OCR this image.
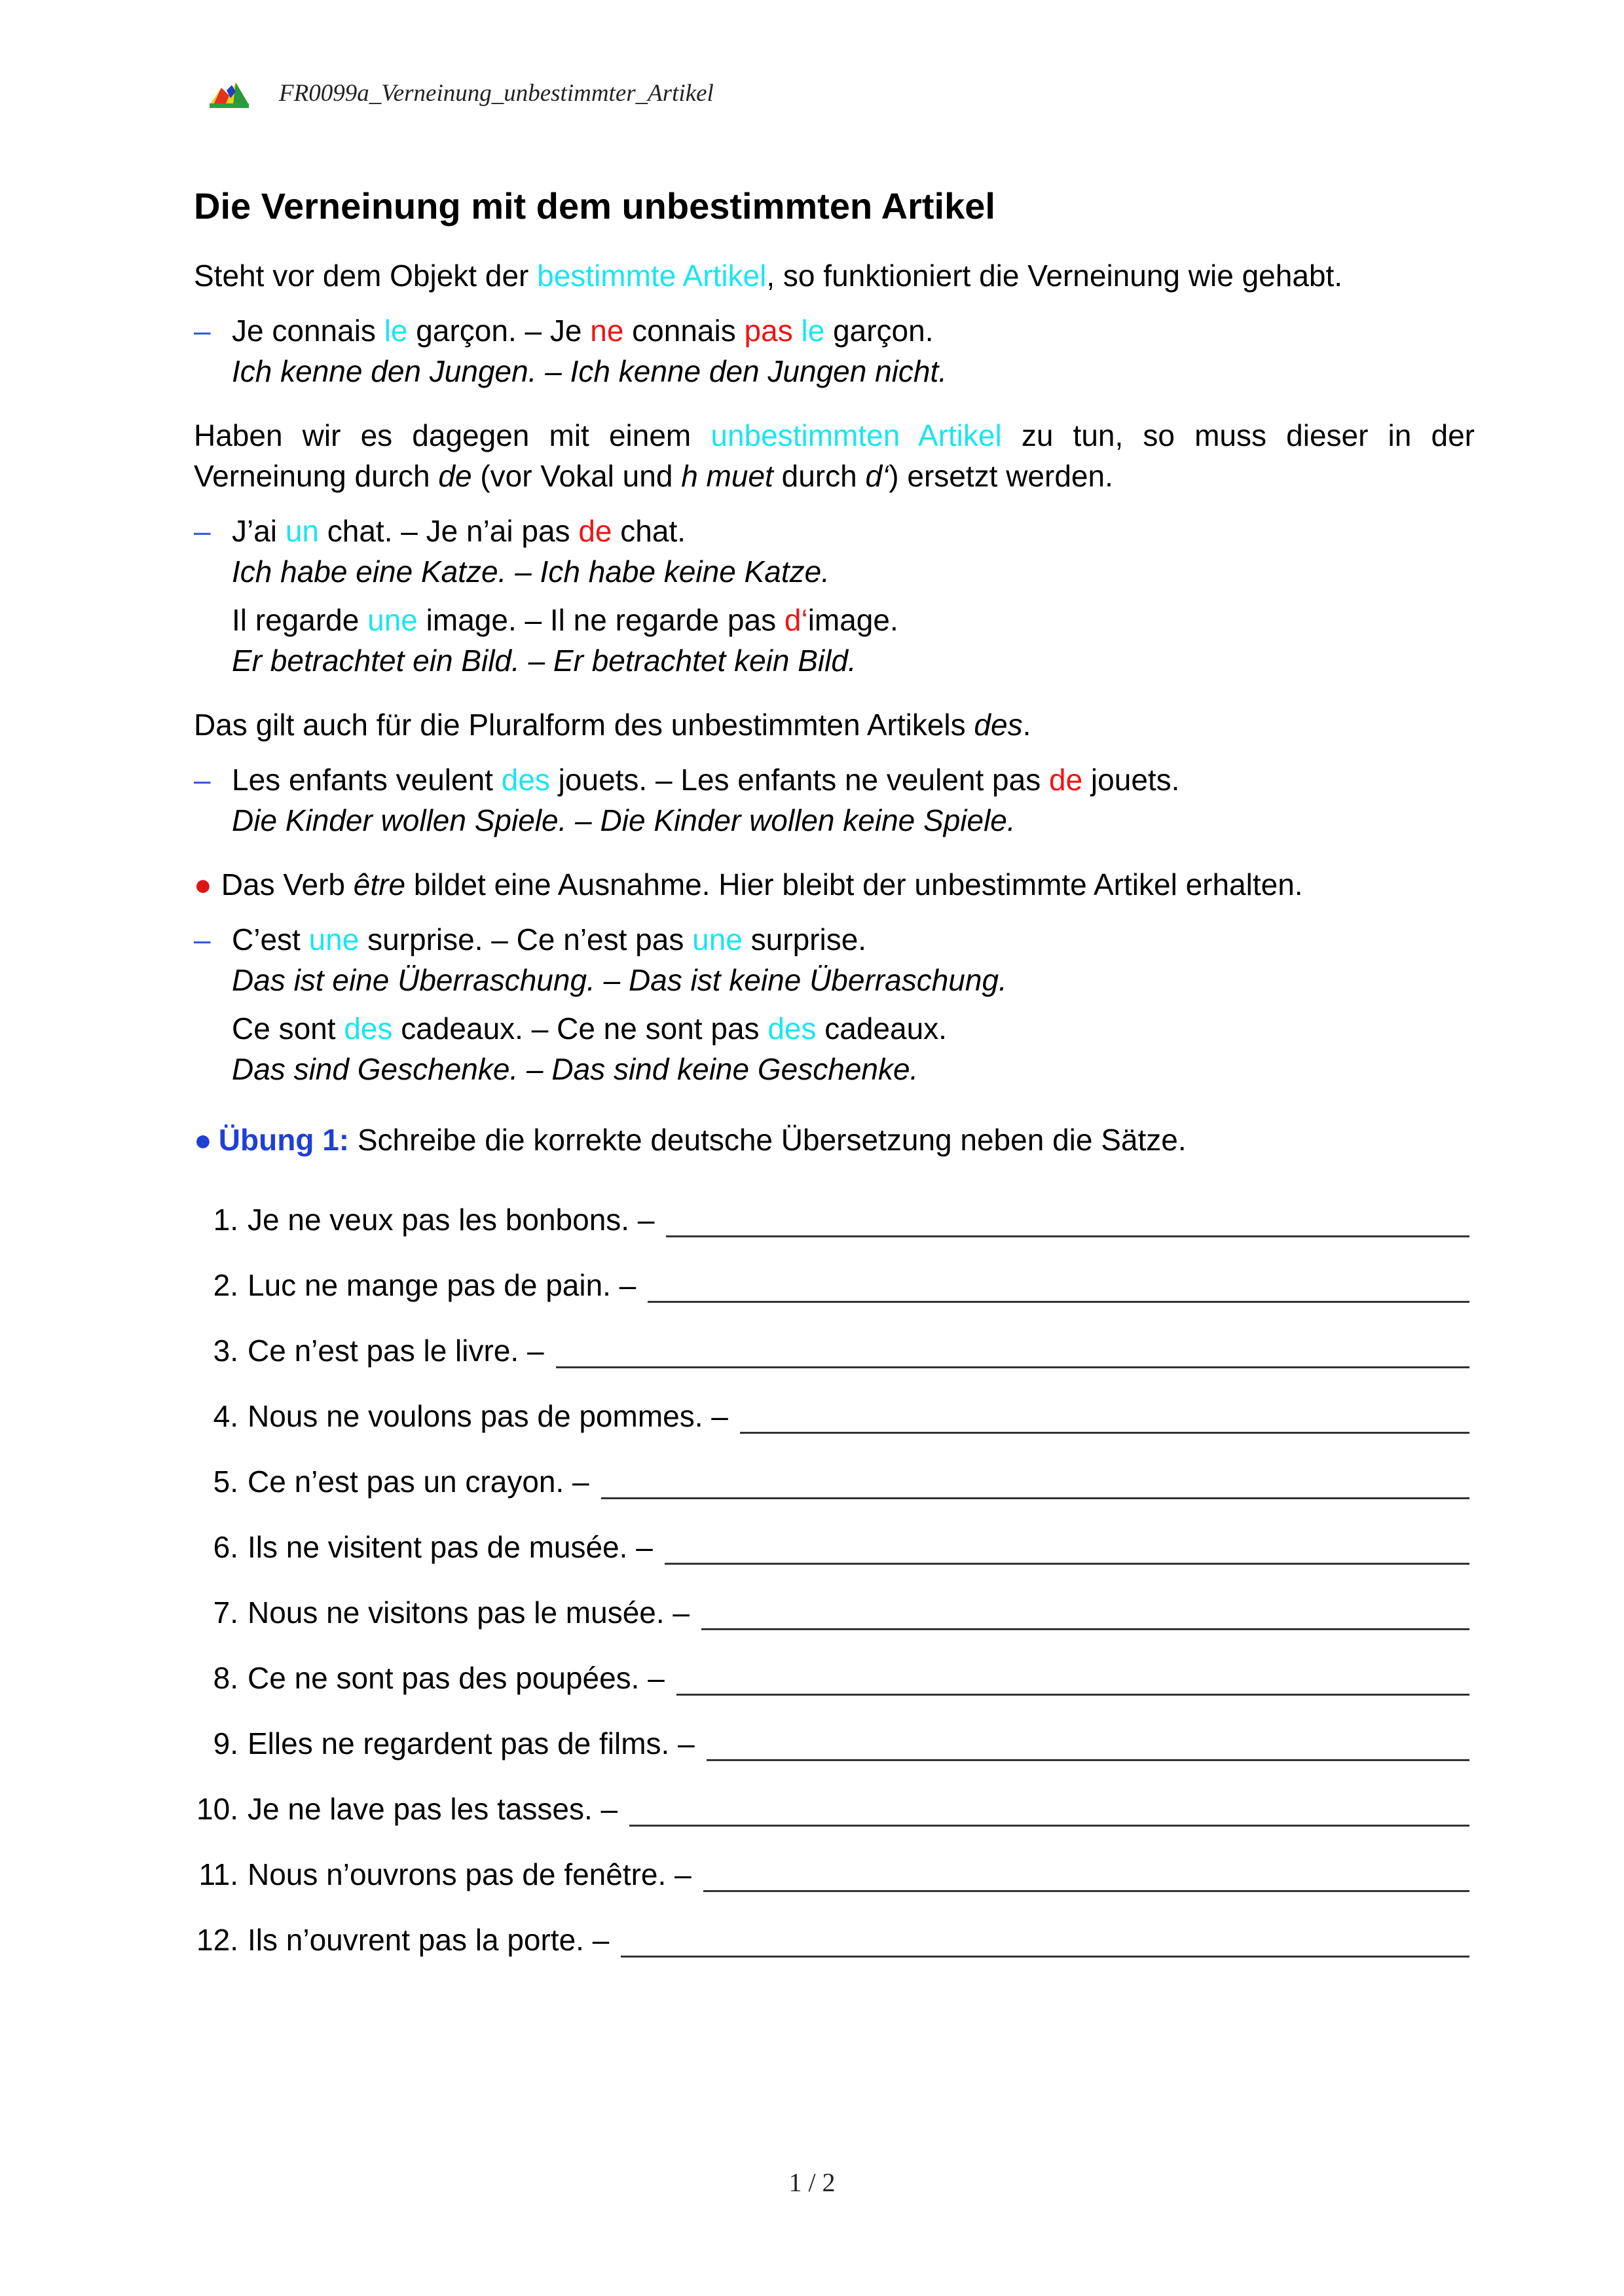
FR0099a_Verneinung_unbestimmter_Artikel
Die Verneinung mit dem unbestimmten Artikel

Steht vor dem Objekt der bestimmte Artikel, so funktioniert die Verneinung wie gehabt.

– Je connais le garçon. – Je ne connais pas le garçon.

Ich kenne den Jungen. – Ich kenne den Jungen nicht.

Haben wir es dagegen mit einem unbestimmten Artikel zu tun, so muss dieser in der Verneinung durch de (vor Vokal und h muet durch d‘) ersetzt werden.

– J’ai un chat. – Je n’ai pas de chat.

Ich habe eine Katze. – Ich habe keine Katze.

Il regarde une image. – Il ne regarde pas d‘image.

Er betrachtet ein Bild. – Er betrachtet kein Bild.

Das gilt auch für die Pluralform des unbestimmten Artikels des.

– Les enfants veulent des jouets. – Les enfants ne veulent pas de jouets.

Die Kinder wollen Spiele. – Die Kinder wollen keine Spiele.

● Das Verb être bildet eine Ausnahme. Hier bleibt der unbestimmte Artikel erhalten.

– C’est une surprise. – Ce n’est pas une surprise.

Das ist eine Überraschung. – Das ist keine Überraschung.

Ce sont des cadeaux. – Ce ne sont pas des cadeaux.

Das sind Geschenke. – Das sind keine Geschenke.

● Übung 1: Schreibe die korrekte deutsche Übersetzung neben die Sätze.

1. Je ne veux pas les bonbons. –
2. Luc ne mange pas de pain. –
3. Ce n’est pas le livre. –
4. Nous ne voulons pas de pommes. –
5. Ce n’est pas un crayon. –
6. Ils ne visitent pas de musée. –
7. Nous ne visitons pas le musée. –
8. Ce ne sont pas des poupées. –
9. Elles ne regardent pas de films. –
10. Je ne lave pas les tasses. –
11. Nous n’ouvrons pas de fenêtre. –
12. Ils n’ouvrent pas la porte. –
1 / 2
